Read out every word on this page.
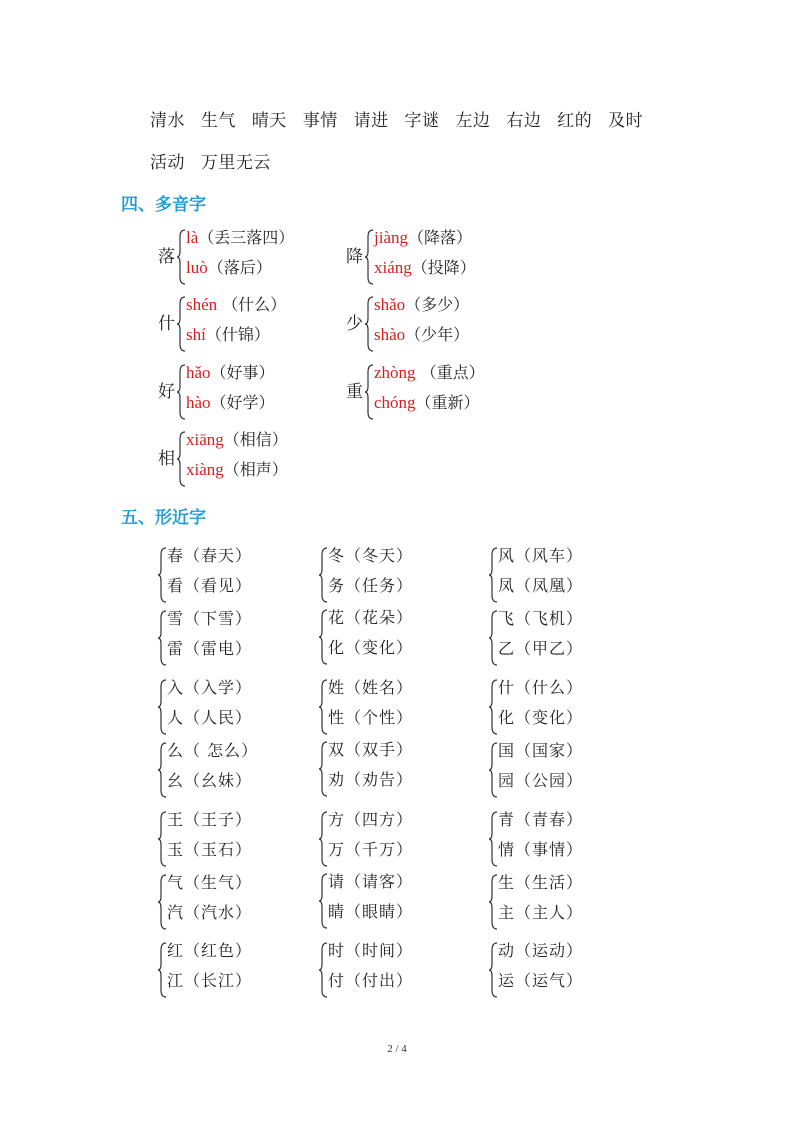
清水 生气 晴天 事情 请进 字谜 左边 右边 红的 及时
活动 万里无云
四、多音字
落
là（丢三落四）
luò（落后）
降
jiàng（降落）
xiáng（投降）
什
shén （什么）
shí（什锦）
少
shǎo（多少）
shào（少年）
好
hǎo（好事）
hào（好学）
重
zhòng （重点）
chóng（重新）
相
xiāng（相信）
xiàng（相声）
五、形近字
春（春天）
看（看见）
冬（冬天）
务（任务）
风（风车）
凤（凤凰）
雪（下雪）
雷（雷电）
花（花朵）
化（变化）
飞（飞机）
乙（甲乙）
入（入学）
人（人民）
姓（姓名）
性（个性）
什（什么）
化（变化）
么（ 怎么）
幺（幺妹）
双（双手）
劝（劝告）
国（国家）
园（公园）
王（王子）
玉（玉石）
方（四方）
万（千万）
青（青春）
情（事情）
气（生气）
汽（汽水）
请（请客）
睛（眼睛）
生（生活）
主（主人）
红（红色）
江（长江）
时（时间）
付（付出）
动（运动）
运（运气）
2 / 4
